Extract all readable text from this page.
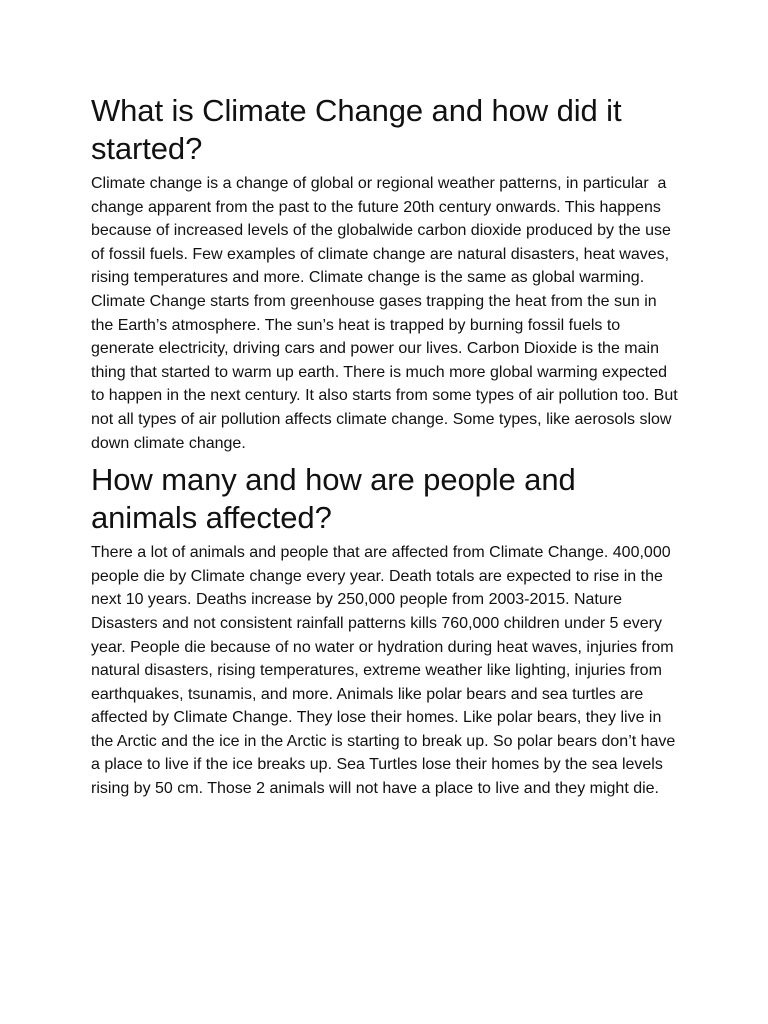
What is Climate Change and how did it started?

Climate change is a change of global or regional weather patterns, in particular  a change apparent from the past to the future 20th century onwards. This happens because of increased levels of the globalwide carbon dioxide produced by the use of fossil fuels. Few examples of climate change are natural disasters, heat waves, rising temperatures and more. Climate change is the same as global warming.

Climate Change starts from greenhouse gases trapping the heat from the sun in the Earth’s atmosphere. The sun’s heat is trapped by burning fossil fuels to generate electricity, driving cars and power our lives. Carbon Dioxide is the main thing that started to warm up earth. There is much more global warming expected to happen in the next century. It also starts from some types of air pollution too. But not all types of air pollution affects climate change. Some types, like aerosols slow down climate change.

How many and how are people and animals affected?

There a lot of animals and people that are affected from Climate Change. 400,000 people die by Climate change every year. Death totals are expected to rise in the next 10 years. Deaths increase by 250,000 people from 2003-2015. Nature Disasters and not consistent rainfall patterns kills 760,000 children under 5 every year. People die because of no water or hydration during heat waves, injuries from natural disasters, rising temperatures, extreme weather like lighting, injuries from earthquakes, tsunamis, and more. Animals like polar bears and sea turtles are affected by Climate Change. They lose their homes. Like polar bears, they live in the Arctic and the ice in the Arctic is starting to break up. So polar bears don’t have a place to live if the ice breaks up. Sea Turtles lose their homes by the sea levels rising by 50 cm. Those 2 animals will not have a place to live and they might die.
